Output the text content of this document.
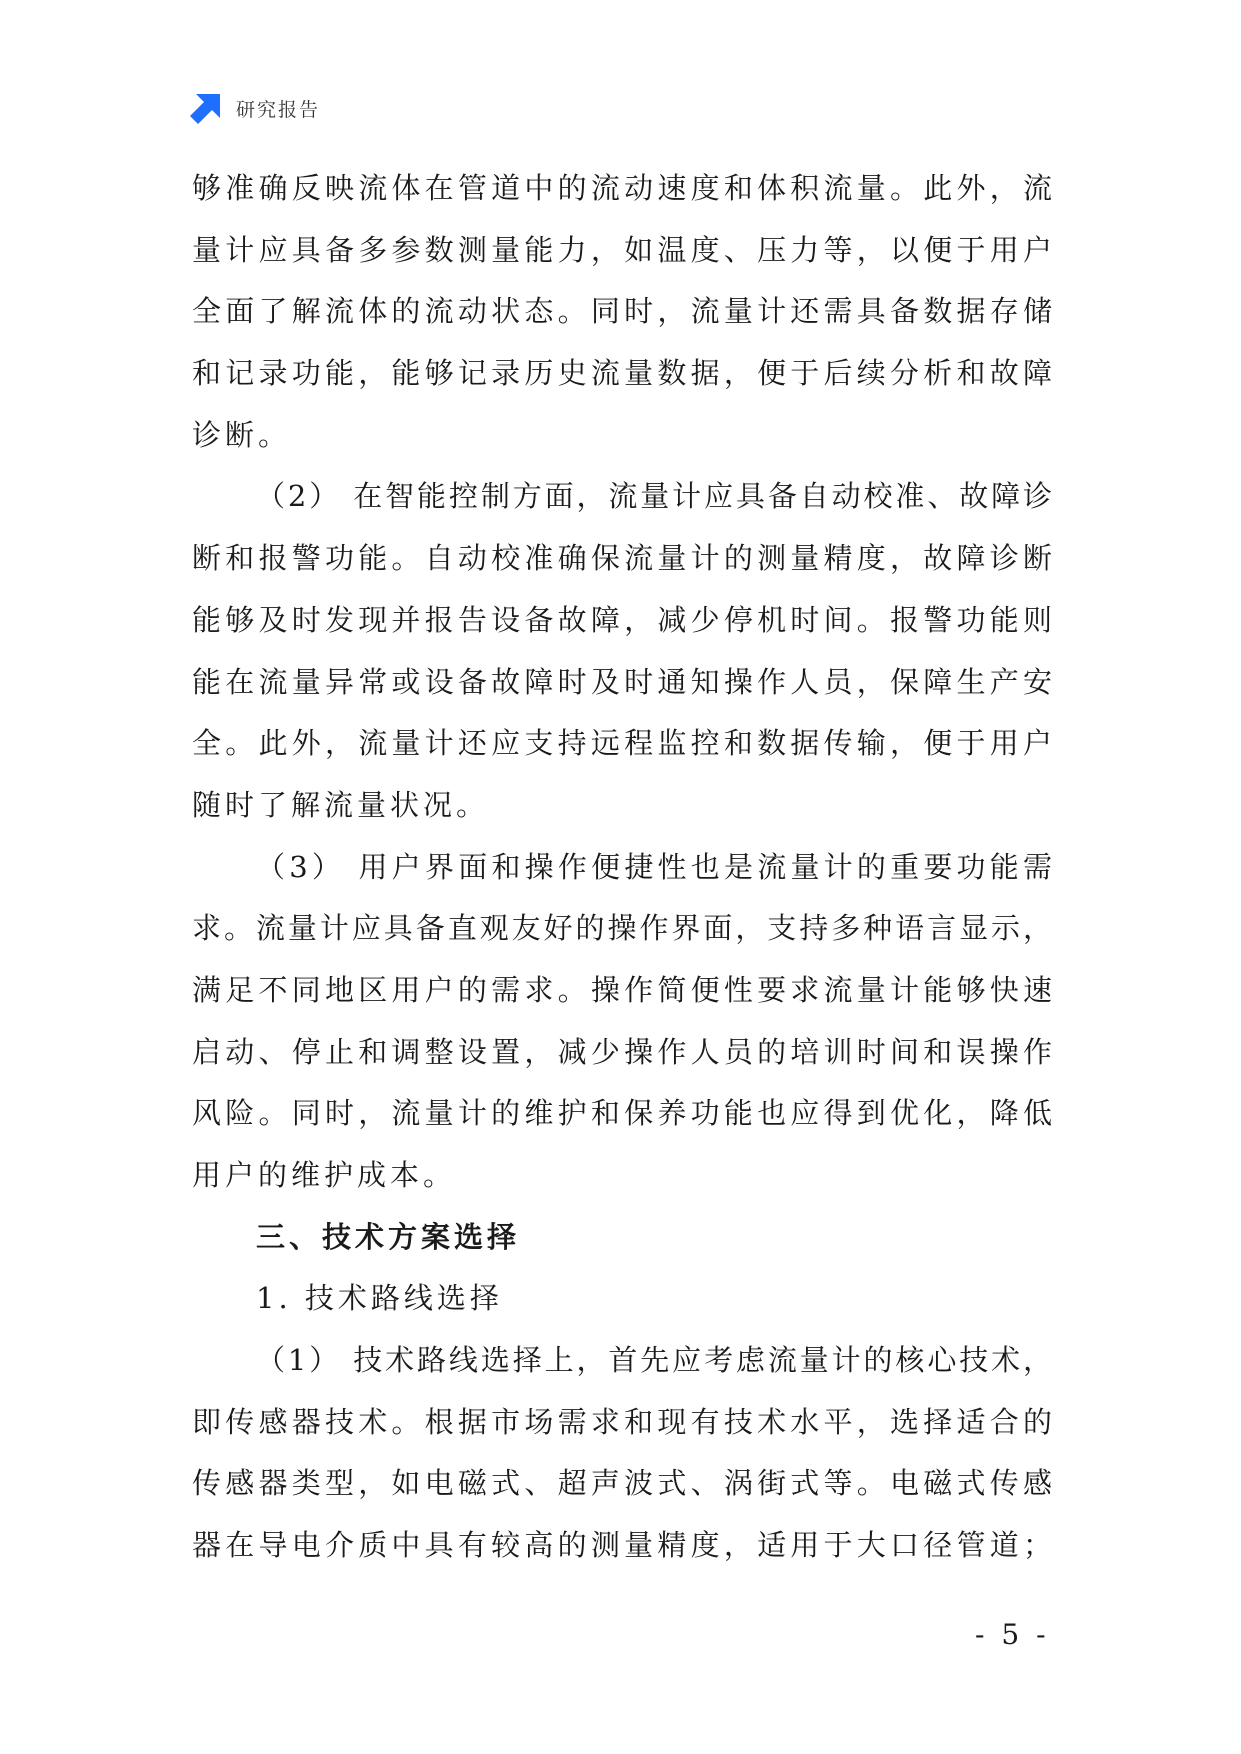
研究报告
够准确反映流体在管道中的流动速度和体积流量。此外，流
量计应具备多参数测量能力，如温度、压力等，以便于用户
全面了解流体的流动状态。同时，流量计还需具备数据存储
和记录功能，能够记录历史流量数据，便于后续分析和故障
诊断。
（2） 在智能控制方面，流量计应具备自动校准、故障诊
断和报警功能。自动校准确保流量计的测量精度，故障诊断
能够及时发现并报告设备故障，减少停机时间。报警功能则
能在流量异常或设备故障时及时通知操作人员，保障生产安
全。此外，流量计还应支持远程监控和数据传输，便于用户
随时了解流量状况。
（3） 用户界面和操作便捷性也是流量计的重要功能需
求。流量计应具备直观友好的操作界面，支持多种语言显示，
满足不同地区用户的需求。操作简便性要求流量计能够快速
启动、停止和调整设置，减少操作人员的培训时间和误操作
风险。同时，流量计的维护和保养功能也应得到优化，降低
用户的维护成本。
三、技术方案选择
1. 技术路线选择
（1） 技术路线选择上，首先应考虑流量计的核心技术，
即传感器技术。根据市场需求和现有技术水平，选择适合的
传感器类型，如电磁式、超声波式、涡街式等。电磁式传感
器在导电介质中具有较高的测量精度，适用于大口径管道；
- 5 -
